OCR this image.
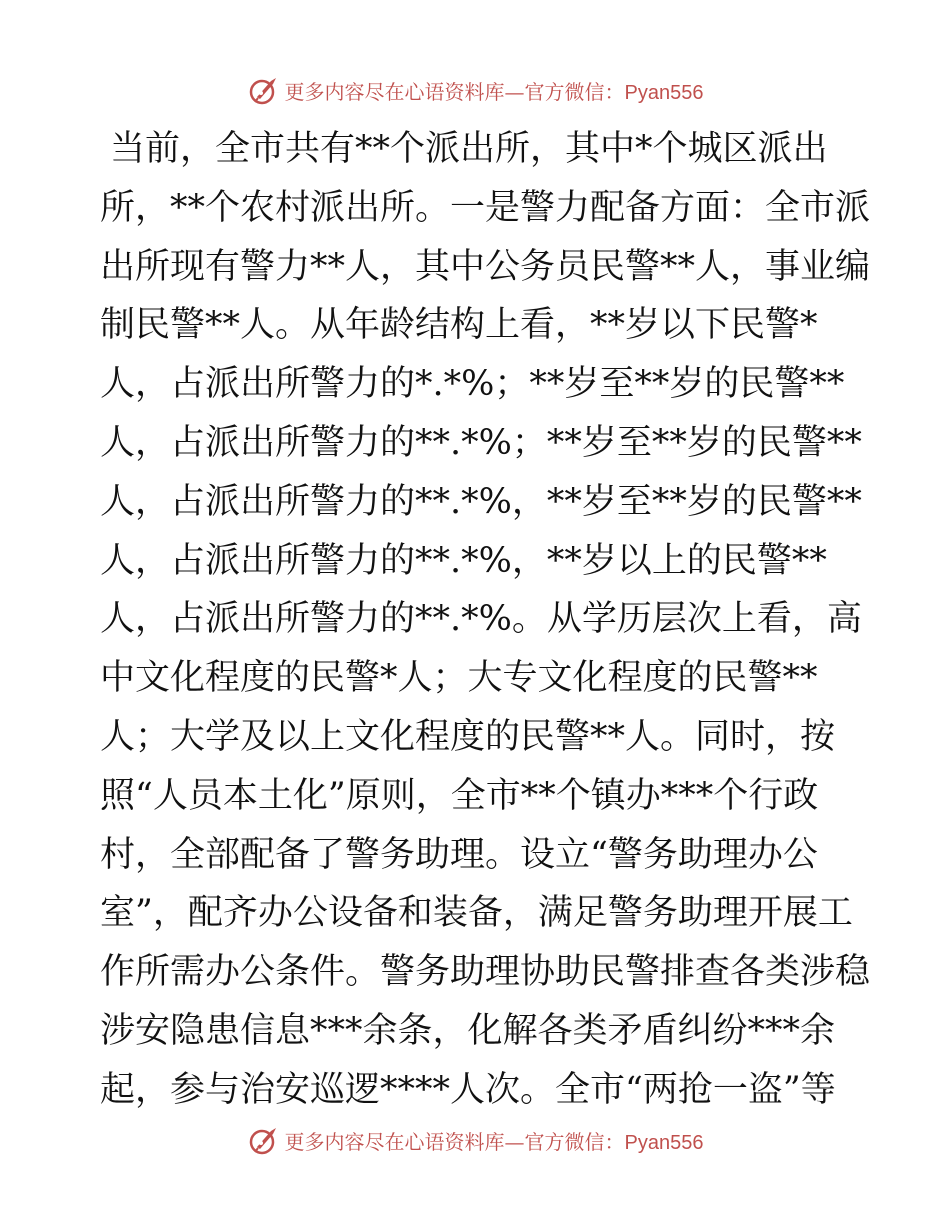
更多内容尽在心语资料库—官方微信：Pyan556
当前，全市共有**个派出所，其中*个城区派出
所，**个农村派出所。一是警力配备方面：全市派
出所现有警力**人，其中公务员民警**人，事业编
制民警**人。从年龄结构上看，**岁以下民警*
人，占派出所警力的*.*%；**岁至**岁的民警**
人，占派出所警力的**.*%；**岁至**岁的民警**
人，占派出所警力的**.*%，**岁至**岁的民警**
人，占派出所警力的**.*%，**岁以上的民警**
人，占派出所警力的**.*%。从学历层次上看，高
中文化程度的民警*人；大专文化程度的民警**
人；大学及以上文化程度的民警**人。同时，按
照“人员本土化”原则，全市**个镇办***个行政
村，全部配备了警务助理。设立“警务助理办公
室”，配齐办公设备和装备，满足警务助理开展工
作所需办公条件。警务助理协助民警排查各类涉稳
涉安隐患信息***余条，化解各类矛盾纠纷***余
起，参与治安巡逻****人次。全市“两抢一盗”等
更多内容尽在心语资料库—官方微信：Pyan556
